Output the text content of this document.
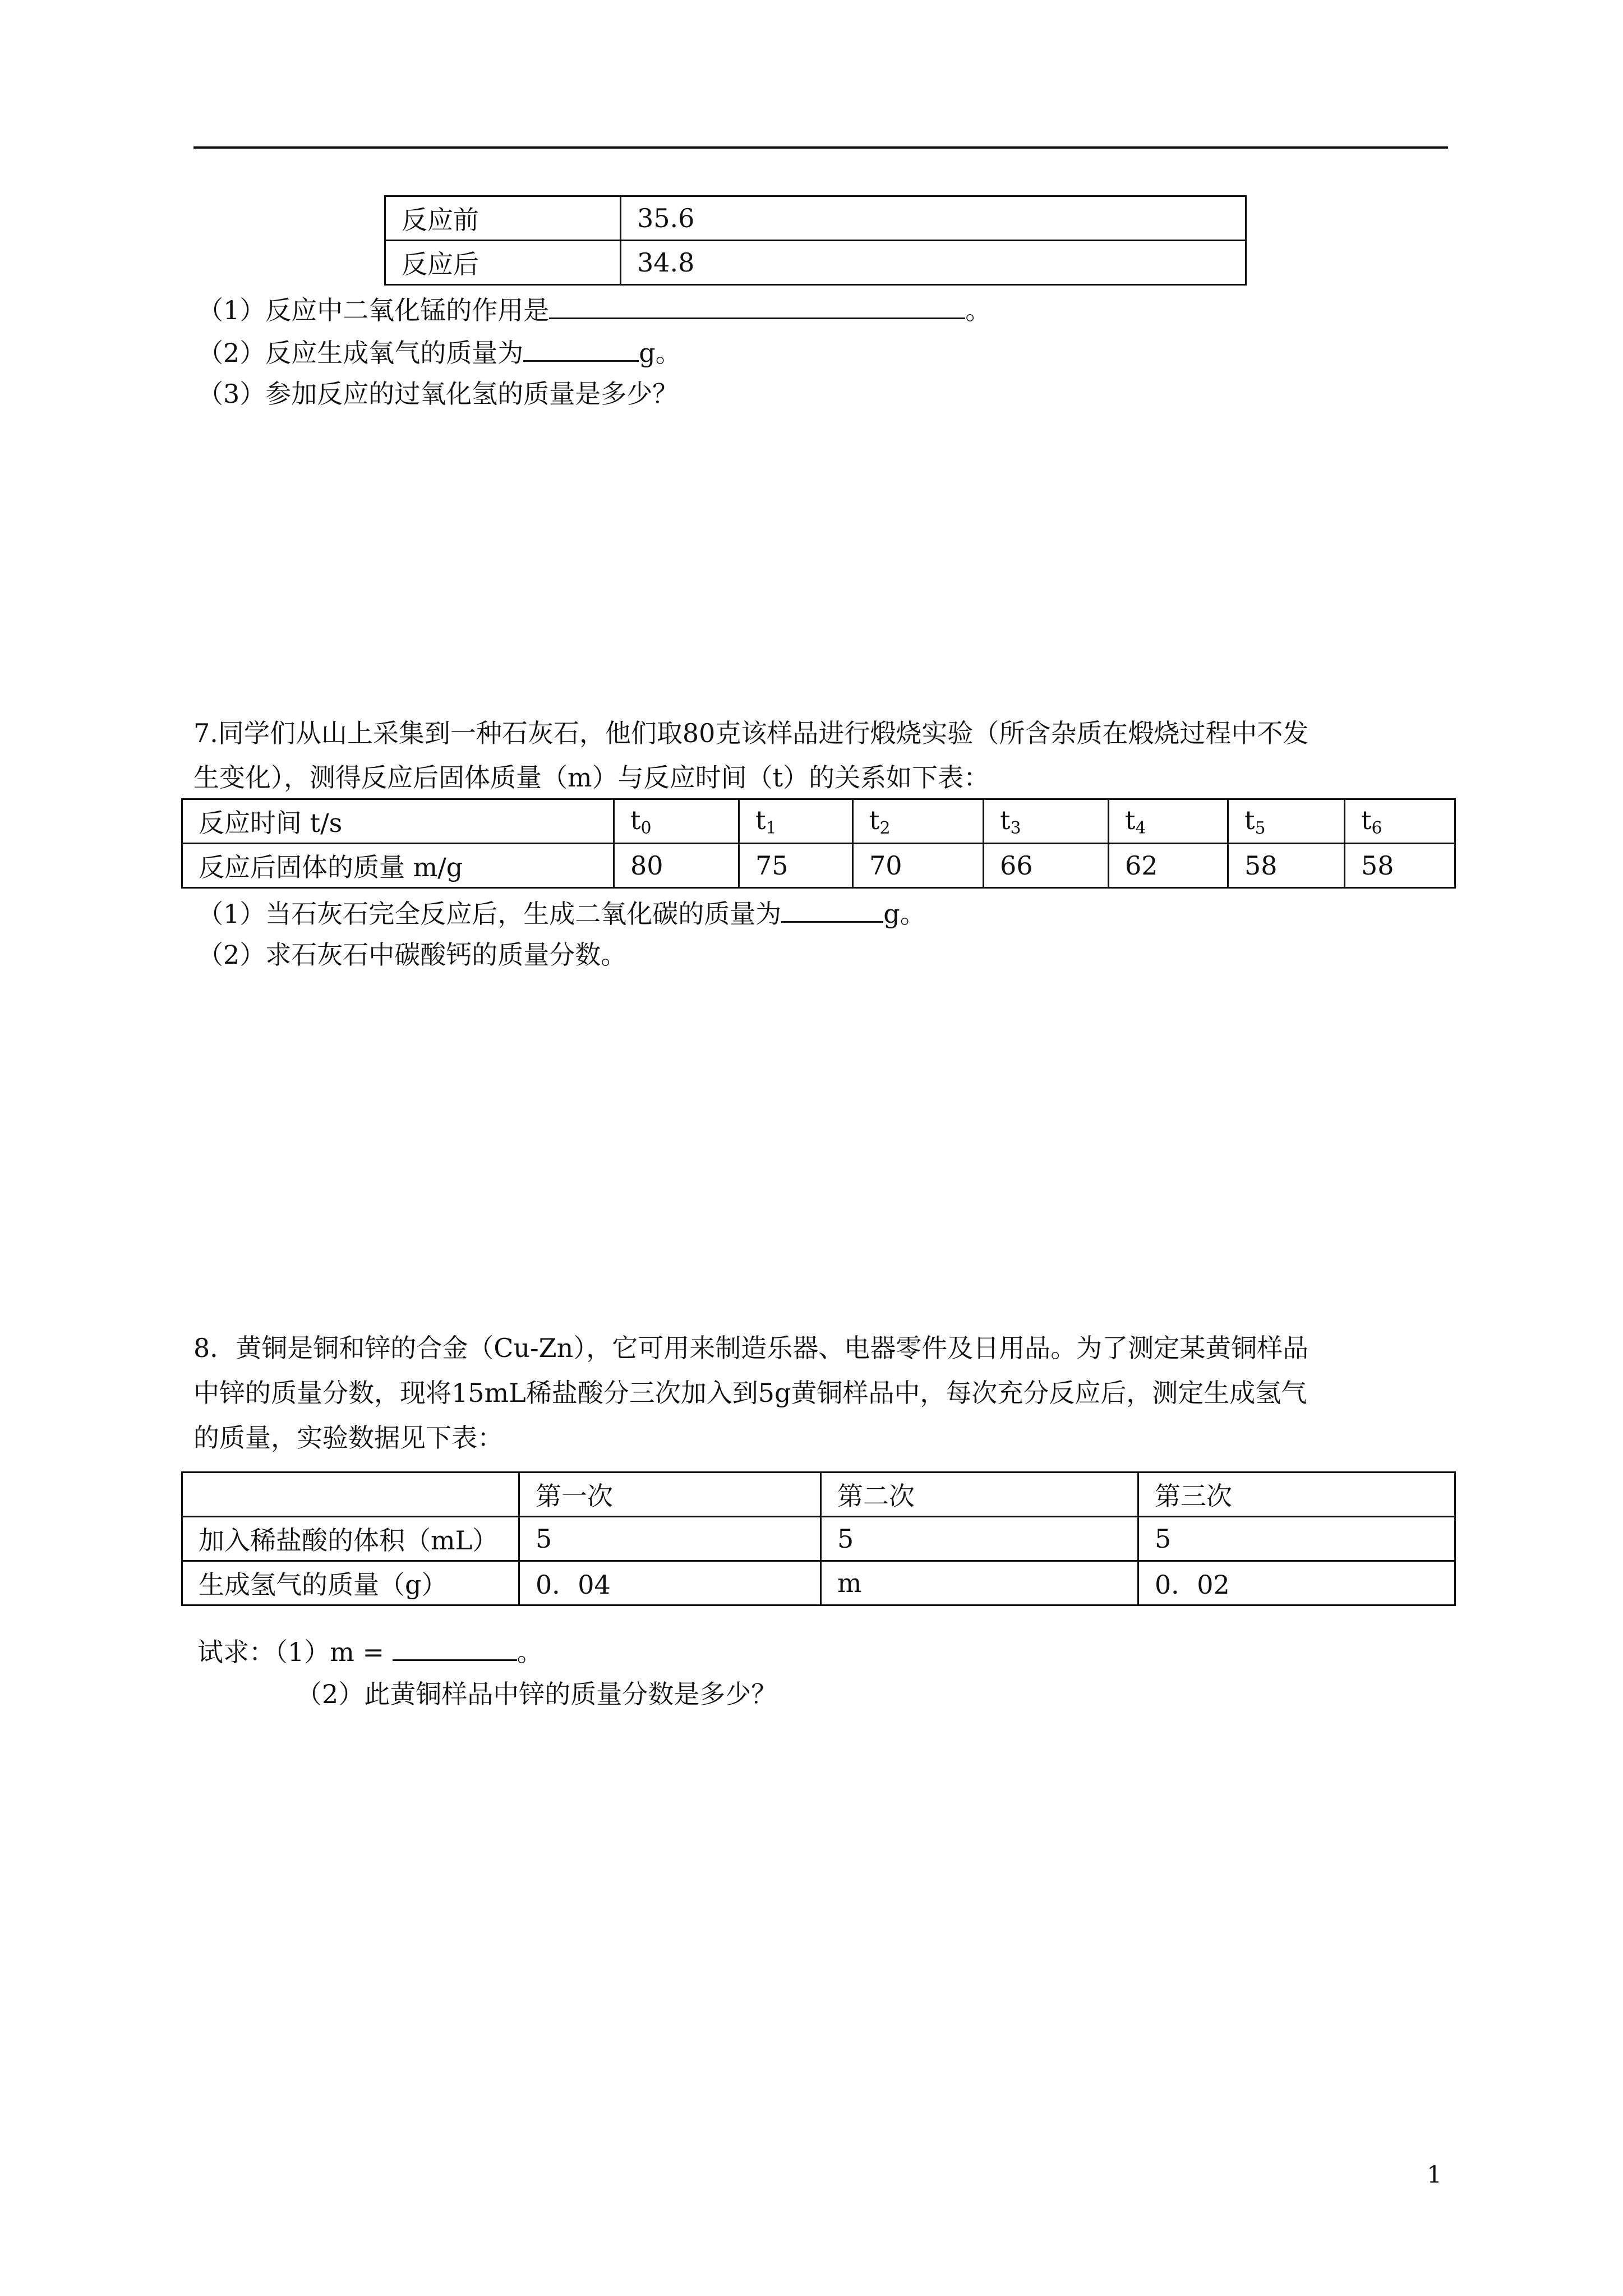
反应前	35.6
反应后	34.8
（1）反应中二氧化锰的作用是	。
（2）反应生成氧气的质量为	g。
（3）参加反应的过氧化氢的质量是多少？
7.同学们从山上采集到一种石灰石，他们取80克该样品进行煅烧实验（所含杂质在煅烧过程中不发
生变化），测得反应后固体质量（m）与反应时间（t）的关系如下表：
反应时间 t/s	$t_0$	$t_1$	$t_2$	$t_3$	$t_4$	$t_5$	$t_6$
反应后固体的质量 m/g	80	75	70	66	62	58	58
（1）当石灰石完全反应后，生成二氧化碳的质量为	g。
（2）求石灰石中碳酸钙的质量分数。
8．黄铜是铜和锌的合金（Cu-Zn），它可用来制造乐器、电器零件及日用品。为了测定某黄铜样品
中锌的质量分数，现将15mL稀盐酸分三次加入到5g黄铜样品中，每次充分反应后，测定生成氢气
的质量，实验数据见下表：
	第一次	第二次	第三次
加入稀盐酸的体积（mL）	5	5	5
生成氢气的质量（g）	0．04	m	0．02
试求：（1）m =	。
（2）此黄铜样品中锌的质量分数是多少？
1
